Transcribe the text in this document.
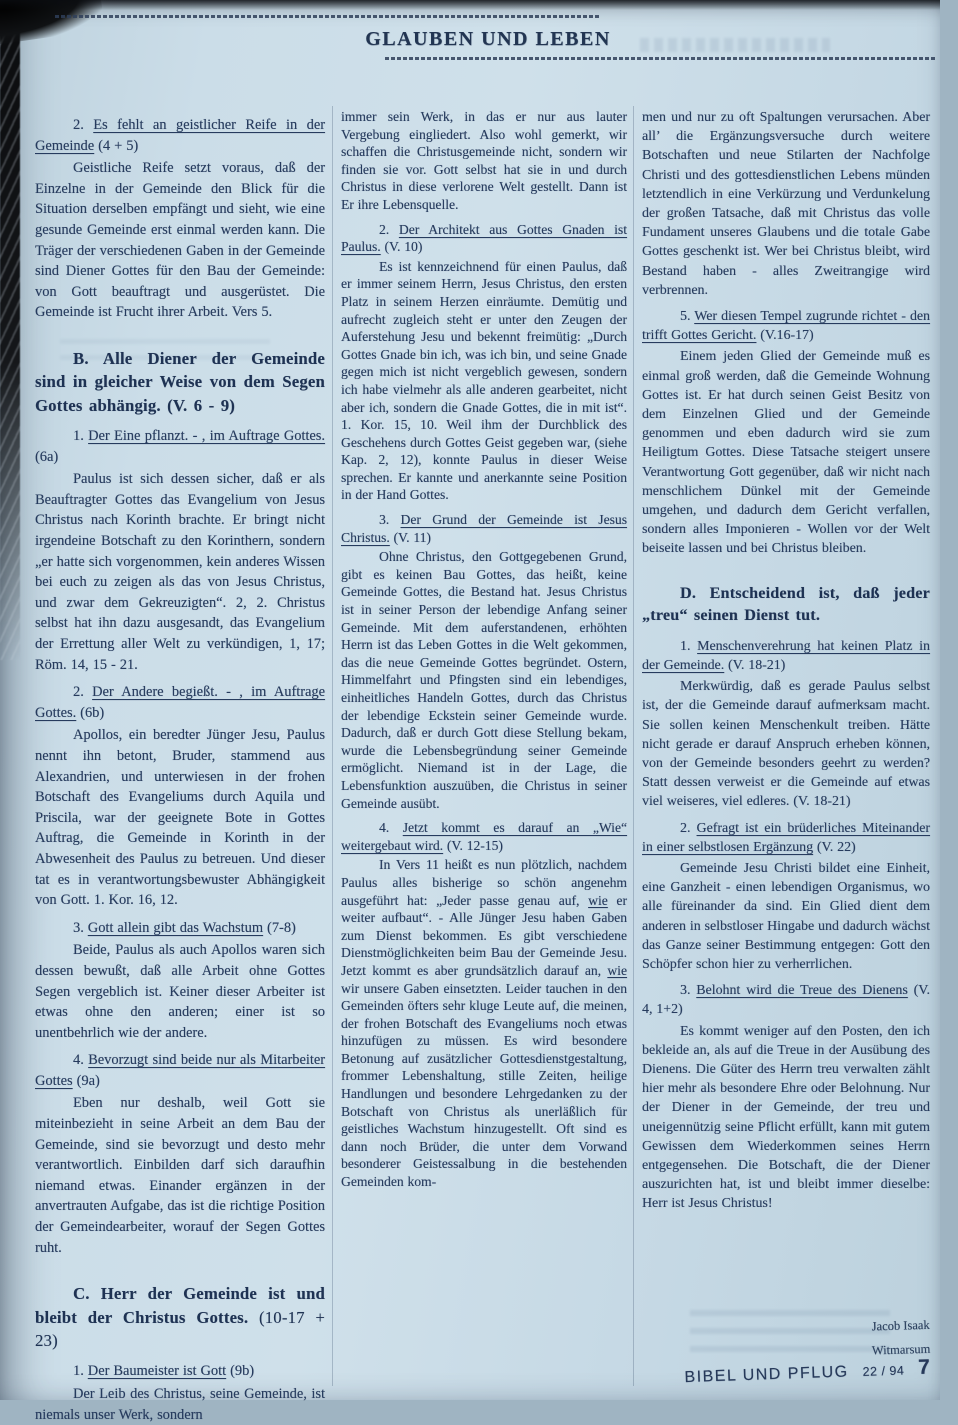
GLAUBEN UND LEBEN
2. Es fehlt an geistlicher Reife in der Gemeinde (4 + 5)
Geistliche Reife setzt voraus, daß der Einzelne in der Gemeinde den Blick für die Situation derselben empfängt und sieht, wie eine gesunde Gemeinde erst einmal werden kann. Die Träger der verschiedenen Gaben in der Gemeinde sind Diener Gottes für den Bau der Gemeinde: von Gott beauftragt und ausgerüstet. Die Gemeinde ist Frucht ihrer Arbeit. Vers 5.
B. Alle Diener der Gemeinde sind in gleicher Weise von dem Segen Gottes abhängig. (V. 6 - 9)
1. Der Eine pflanzt. - , im Auftrage Gottes. (6a)
Paulus ist sich dessen sicher, daß er als Beauftragter Gottes das Evangelium von Jesus Christus nach Korinth brachte. Er bringt nicht irgendeine Botschaft zu den Korinthern, sondern „er hatte sich vorgenommen, kein anderes Wissen bei euch zu zeigen als das von Jesus Christus, und zwar dem Gekreuzigten“. 2, 2. Christus selbst hat ihn dazu ausgesandt, das Evangelium der Errettung aller Welt zu verkündigen, 1, 17; Röm. 14, 15 - 21.
2. Der Andere begießt. - , im Auftrage Gottes. (6b)
Apollos, ein beredter Jünger Jesu, Paulus nennt ihn betont, Bruder, stammend aus Alexandrien, und unterwiesen in der frohen Botschaft des Evangeliums durch Aquila und Priscila, war der geeignete Bote in Gottes Auftrag, die Gemeinde in Korinth in der Abwesenheit des Paulus zu betreuen. Und dieser tat es in verantwortungsbewuster Abhängigkeit von Gott. 1. Kor. 16, 12.
3. Gott allein gibt das Wachstum (7-8)
Beide, Paulus als auch Apollos waren sich dessen bewußt, daß alle Arbeit ohne Gottes Segen vergeblich ist. Keiner dieser Arbeiter ist etwas ohne den anderen; einer ist so unentbehrlich wie der andere.
4. Bevorzugt sind beide nur als Mitarbeiter Gottes (9a)
Eben nur deshalb, weil Gott sie miteinbezieht in seine Arbeit an dem Bau der Gemeinde, sind sie bevorzugt und desto mehr verantwortlich. Einbilden darf sich daraufhin niemand etwas. Einander ergänzen in der anvertrauten Aufgabe, das ist die richtige Position der Gemeindearbeiter, worauf der Segen Gottes ruht.
C. Herr der Gemeinde ist und bleibt der Christus Gottes. (10-17 + 23)
1. Der Baumeister ist Gott (9b)
Der Leib des Christus, seine Gemeinde, ist niemals unser Werk, sondern
immer sein Werk, in das er nur aus lauter Vergebung eingliedert. Also wohl gemerkt, wir schaffen die Christusgemeinde nicht, sondern wir finden sie vor. Gott selbst hat sie in und durch Christus in diese verlorene Welt gestellt. Dann ist Er ihre Lebensquelle.
2. Der Architekt aus Gottes Gnaden ist Paulus. (V. 10)
Es ist kennzeichnend für einen Paulus, daß er immer seinem Herrn, Jesus Christus, den ersten Platz in seinem Herzen einräumte. Demütig und aufrecht zugleich steht er unter den Zeugen der Auferstehung Jesu und bekennt freimütig: „Durch Gottes Gnade bin ich, was ich bin, und seine Gnade gegen mich ist nicht vergeblich gewesen, sondern ich habe vielmehr als alle anderen gearbeitet, nicht aber ich, sondern die Gnade Gottes, die in mit ist“. 1. Kor. 15, 10. Weil ihm der Durchblick des Geschehens durch Gottes Geist gegeben war, (siehe Kap. 2, 12), konnte Paulus in dieser Weise sprechen. Er kannte und anerkannte seine Position in der Hand Gottes.
3. Der Grund der Gemeinde ist Jesus Christus. (V. 11)
Ohne Christus, den Gottgegebenen Grund, gibt es keinen Bau Gottes, das heißt, keine Gemeinde Gottes, die Bestand hat. Jesus Christus ist in seiner Person der lebendige Anfang seiner Gemeinde. Mit dem auferstandenen, erhöhten Herrn ist das Leben Gottes in die Welt gekommen, das die neue Gemeinde Gottes begründet. Ostern, Himmelfahrt und Pfingsten sind ein lebendiges, einheitliches Handeln Gottes, durch das Christus der lebendige Eckstein seiner Gemeinde wurde. Dadurch, daß er durch Gott diese Stellung bekam, wurde die Lebensbegründung seiner Gemeinde ermöglicht. Niemand ist in der Lage, die Lebensfunktion auszuüben, die Christus in seiner Gemeinde ausübt.
4. Jetzt kommt es darauf an „Wie“ weitergebaut wird. (V. 12-15)
In Vers 11 heißt es nun plötzlich, nachdem Paulus alles bisherige so schön angenehm ausgeführt hat: „Jeder passe genau auf, wie er weiter aufbaut“. - Alle Jünger Jesu haben Gaben zum Dienst bekommen. Es gibt verschiedene Dienstmöglichkeiten beim Bau der Gemeinde Jesu. Jetzt kommt es aber grundsätzlich darauf an, wie wir unsere Gaben einsetzten. Leider tauchen in den Gemeinden öfters sehr kluge Leute auf, die meinen, der frohen Botschaft des Evangeliums noch etwas hinzufügen zu müssen. Es wird besondere Betonung auf zusätzlicher Gottesdienstgestaltung, frommer Lebenshaltung, stille Zeiten, heilige Handlungen und besondere Lehrgedanken zu der Botschaft von Christus als unerläßlich für geistliches Wachstum hinzugestellt. Oft sind es dann noch Brüder, die unter dem Vorwand besonderer Geistessalbung in die bestehenden Gemeinden kom-
men und nur zu oft Spaltungen verursachen. Aber all’ die Ergänzungsversuche durch weitere Botschaften und neue Stilarten der Nachfolge Christi und des gottesdienstlichen Lebens münden letztendlich in eine Verkürzung und Verdunkelung der großen Tatsache, daß mit Christus das volle Fundament unseres Glaubens und die totale Gabe Gottes geschenkt ist. Wer bei Christus bleibt, wird Bestand haben - alles Zweitrangige wird verbrennen.
5. Wer diesen Tempel zugrunde richtet - den trifft Gottes Gericht. (V.16-17)
Einem jeden Glied der Gemeinde muß es einmal groß werden, daß die Gemeinde Wohnung Gottes ist. Er hat durch seinen Geist Besitz von dem Einzelnen Glied und der Gemeinde genommen und eben dadurch wird sie zum Heiligtum Gottes. Diese Tatsache steigert unsere Verantwortung Gott gegenüber, daß wir nicht nach menschlichem Dünkel mit der Gemeinde umgehen, und dadurch dem Gericht verfallen, sondern alles Imponieren - Wollen vor der Welt beiseite lassen und bei Christus bleiben.
D. Entscheidend ist, daß jeder „treu“ seinen Dienst tut.
1. Menschenverehrung hat keinen Platz in der Gemeinde. (V. 18-21)
Merkwürdig, daß es gerade Paulus selbst ist, der die Gemeinde darauf aufmerksam macht. Sie sollen keinen Menschenkult treiben. Hätte nicht gerade er darauf Anspruch erheben können, von der Gemeinde besonders geehrt zu werden? Statt dessen verweist er die Gemeinde auf etwas viel weiseres, viel edleres. (V. 18-21)
2. Gefragt ist ein brüderliches Miteinander in einer selbstlosen Ergänzung (V. 22)
Gemeinde Jesu Christi bildet eine Einheit, eine Ganzheit - einen lebendigen Organismus, wo alle füreinander da sind. Ein Glied dient dem anderen in selbstloser Hingabe und dadurch wächst das Ganze seiner Bestimmung entgegen: Gott den Schöpfer schon hier zu verherrlichen.
3. Belohnt wird die Treue des Dienens (V. 4, 1+2)
Es kommt weniger auf den Posten, den ich bekleide an, als auf die Treue in der Ausübung des Dienens. Die Güter des Herrn treu verwalten zählt hier mehr als besondere Ehre oder Belohnung. Nur der Diener in der Gemeinde, der treu und uneigennützig seine Pflicht erfüllt, kann mit gutem Gewissen dem Wiederkommen seines Herrn entgegensehen. Die Botschaft, die der Diener auszurichten hat, ist und bleibt immer dieselbe: Herr ist Jesus Christus!
Jacob Isaak
Witmarsum
BIBEL UND PFLUG 22 / 94 7
